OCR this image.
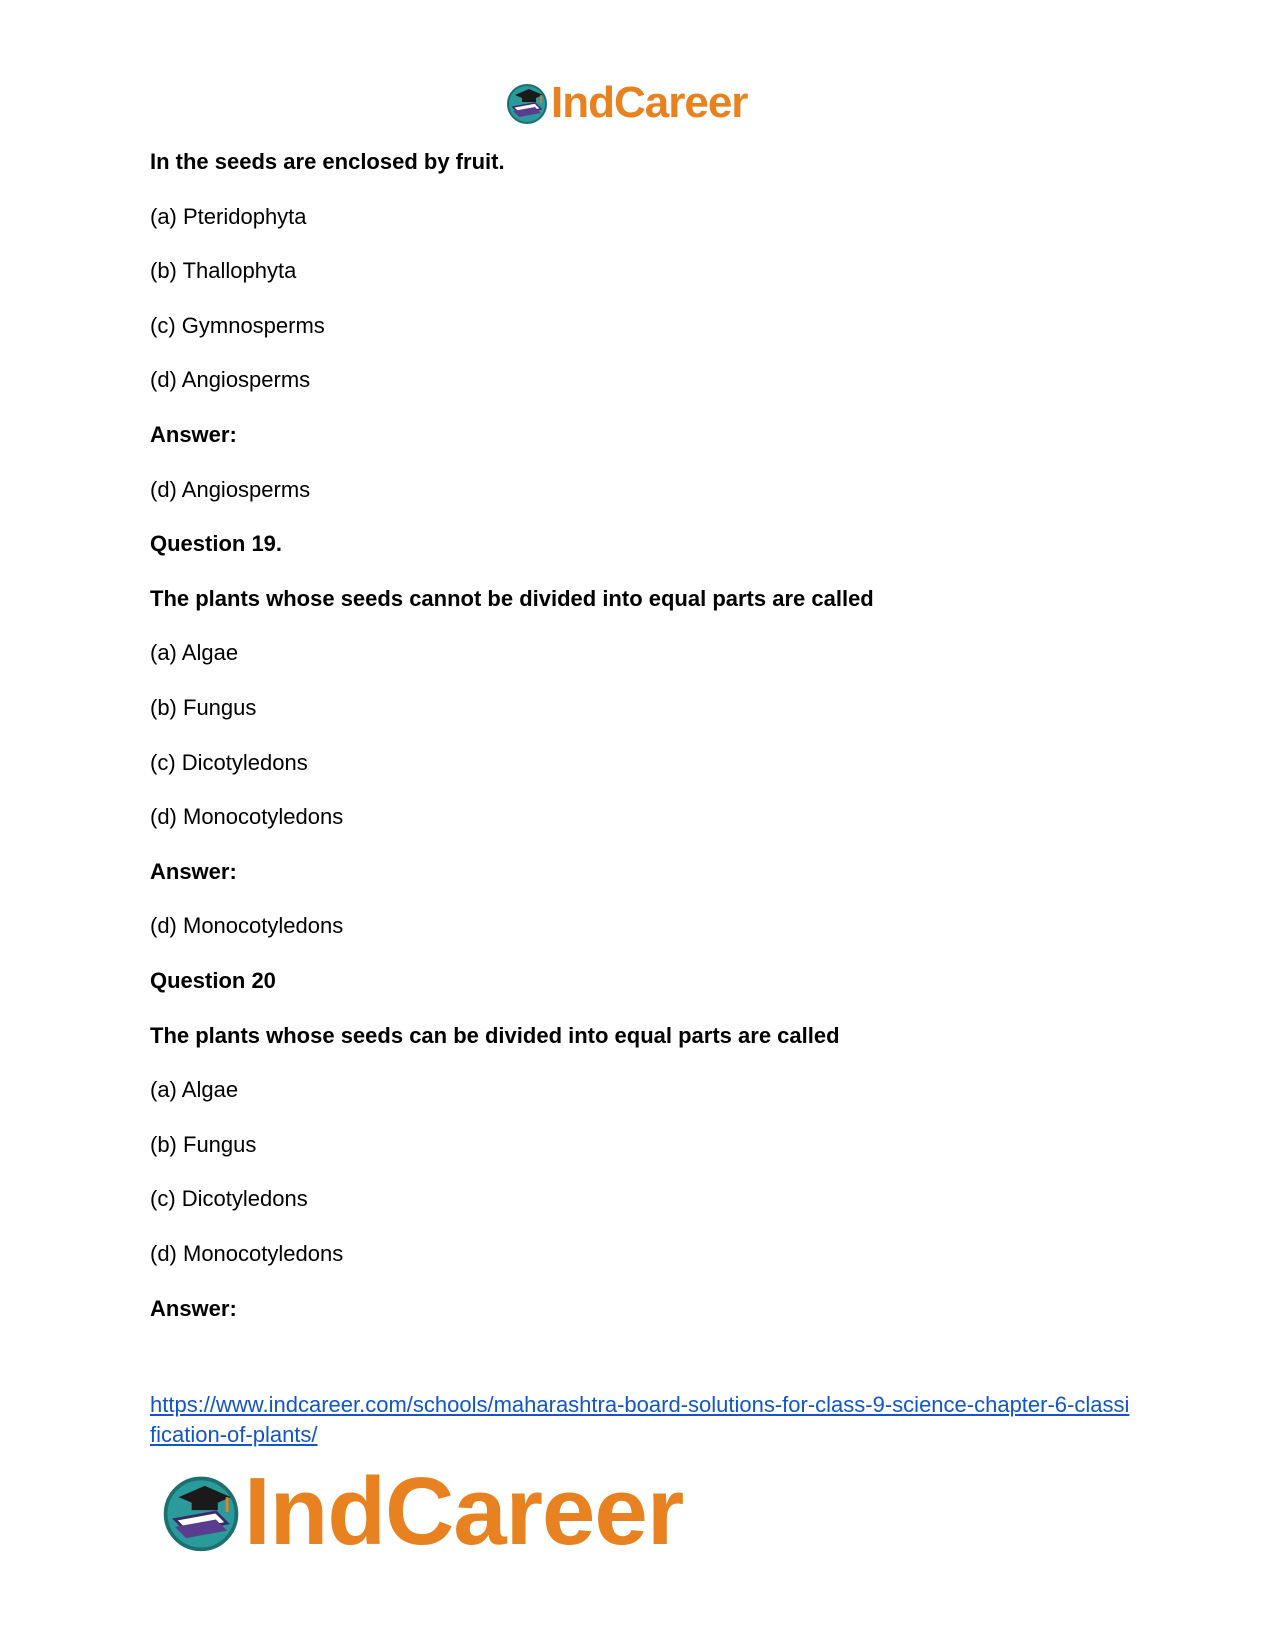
IndCareer
In the seeds are enclosed by fruit.
(a) Pteridophyta
(b) Thallophyta
(c) Gymnosperms
(d) Angiosperms
Answer:
(d) Angiosperms
Question 19.
The plants whose seeds cannot be divided into equal parts are called
(a) Algae
(b) Fungus
(c) Dicotyledons
(d) Monocotyledons
Answer:
(d) Monocotyledons
Question 20
The plants whose seeds can be divided into equal parts are called
(a) Algae
(b) Fungus
(c) Dicotyledons
(d) Monocotyledons
Answer:
https://www.indcareer.com/schools/maharashtra-board-solutions-for-class-9-science-chapter-6-classification-of-plants/
IndCareer
